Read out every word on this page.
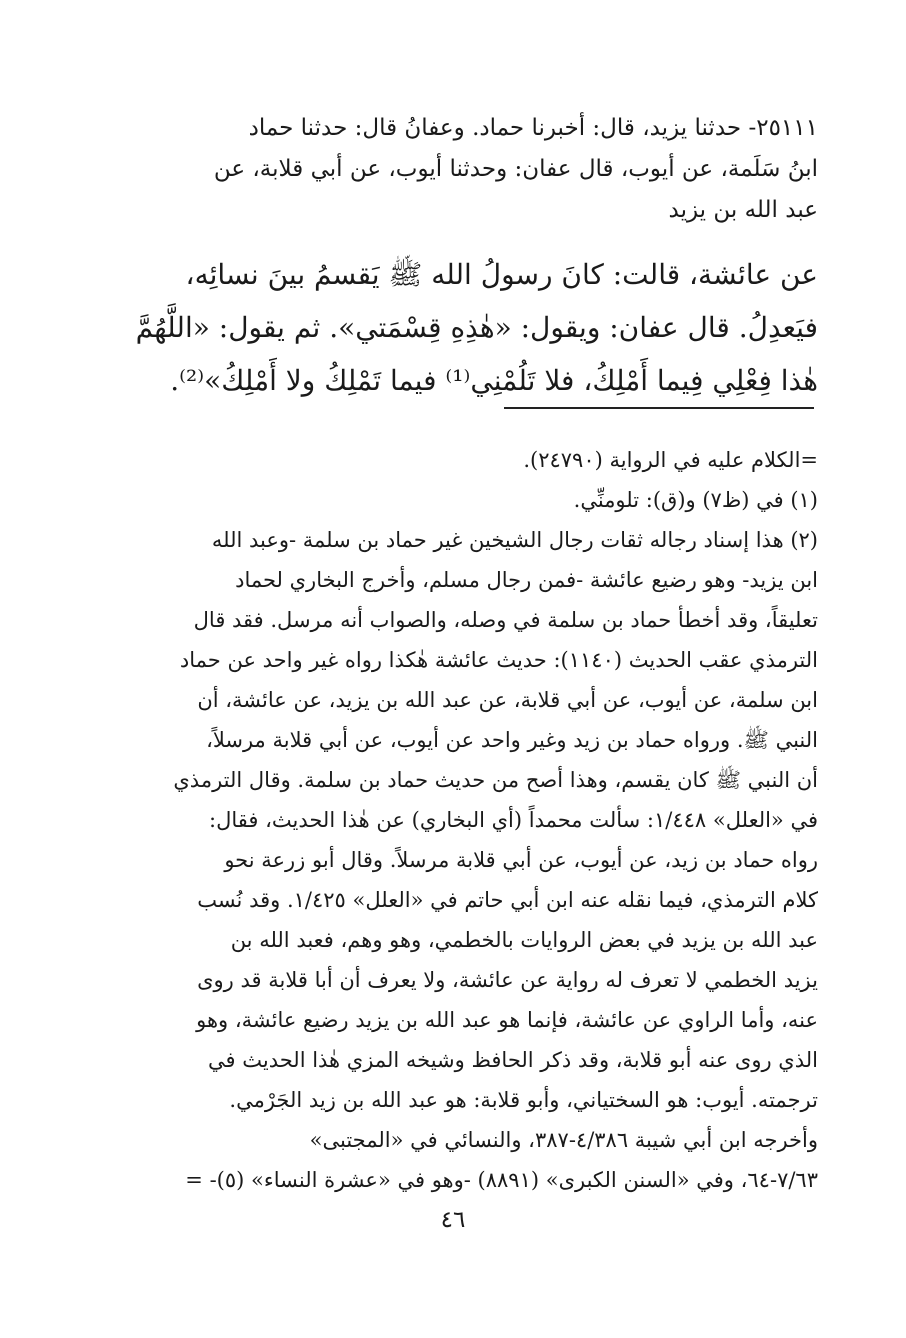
٢٥١١١- حدثنا يزيد، قال: أخبرنا حماد. وعفانُ قال: حدثنا حماد
ابنُ سَلَمة، عن أيوب، قال عفان: وحدثنا أيوب، عن أبي قلابة، عن
عبد الله بن يزيد
عن عائشة، قالت: كانَ رسولُ الله ﷺ يَقسمُ بينَ نسائِه،
فيَعدِلُ. قال عفان: ويقول: «هٰذِهِ قِسْمَتي». ثم يقول: «اللَّهُمَّ
هٰذا فِعْلِي فِيما أَمْلِكُ، فلا تَلُمْنِي⁽¹⁾ فيما تَمْلِكُ ولا أَمْلِكُ»⁽²⁾.
=الكلام عليه في الرواية (٢٤٧٩٠).
(١) في (ظ٧) و(ق): تلومنِّي.
(٢) هذا إسناد رجاله ثقات رجال الشيخين غير حماد بن سلمة -وعبد الله
ابن يزيد- وهو رضيع عائشة -فمن رجال مسلم، وأخرج البخاري لحماد
تعليقاً، وقد أخطأ حماد بن سلمة في وصله، والصواب أنه مرسل. فقد قال
الترمذي عقب الحديث (١١٤٠): حديث عائشة هٰكذا رواه غير واحد عن حماد
ابن سلمة، عن أيوب، عن أبي قلابة، عن عبد الله بن يزيد، عن عائشة، أن
النبي ﷺ. ورواه حماد بن زيد وغير واحد عن أيوب، عن أبي قلابة مرسلاً،
أن النبي ﷺ كان يقسم، وهذا أصح من حديث حماد بن سلمة. وقال الترمذي
في «العلل» ١/٤٤٨: سألت محمداً (أي البخاري) عن هٰذا الحديث، فقال:
رواه حماد بن زيد، عن أيوب، عن أبي قلابة مرسلاً. وقال أبو زرعة نحو
كلام الترمذي، فيما نقله عنه ابن أبي حاتم في «العلل» ١/٤٢٥. وقد نُسب
عبد الله بن يزيد في بعض الروايات بالخطمي، وهو وهم، فعبد الله بن
يزيد الخطمي لا تعرف له رواية عن عائشة، ولا يعرف أن أبا قلابة قد روى
عنه، وأما الراوي عن عائشة، فإنما هو عبد الله بن يزيد رضيع عائشة، وهو
الذي روى عنه أبو قلابة، وقد ذكر الحافظ وشيخه المزي هٰذا الحديث في
ترجمته. أيوب: هو السختياني، وأبو قلابة: هو عبد الله بن زيد الجَرْمي.
وأخرجه ابن أبي شيبة ٤/٣٨٦-٣٨٧، والنسائي في «المجتبى»
٧/٦٣-٦٤، وفي «السنن الكبرى» (٨٨٩١) -وهو في «عشرة النساء» (٥)- =
٤٦
